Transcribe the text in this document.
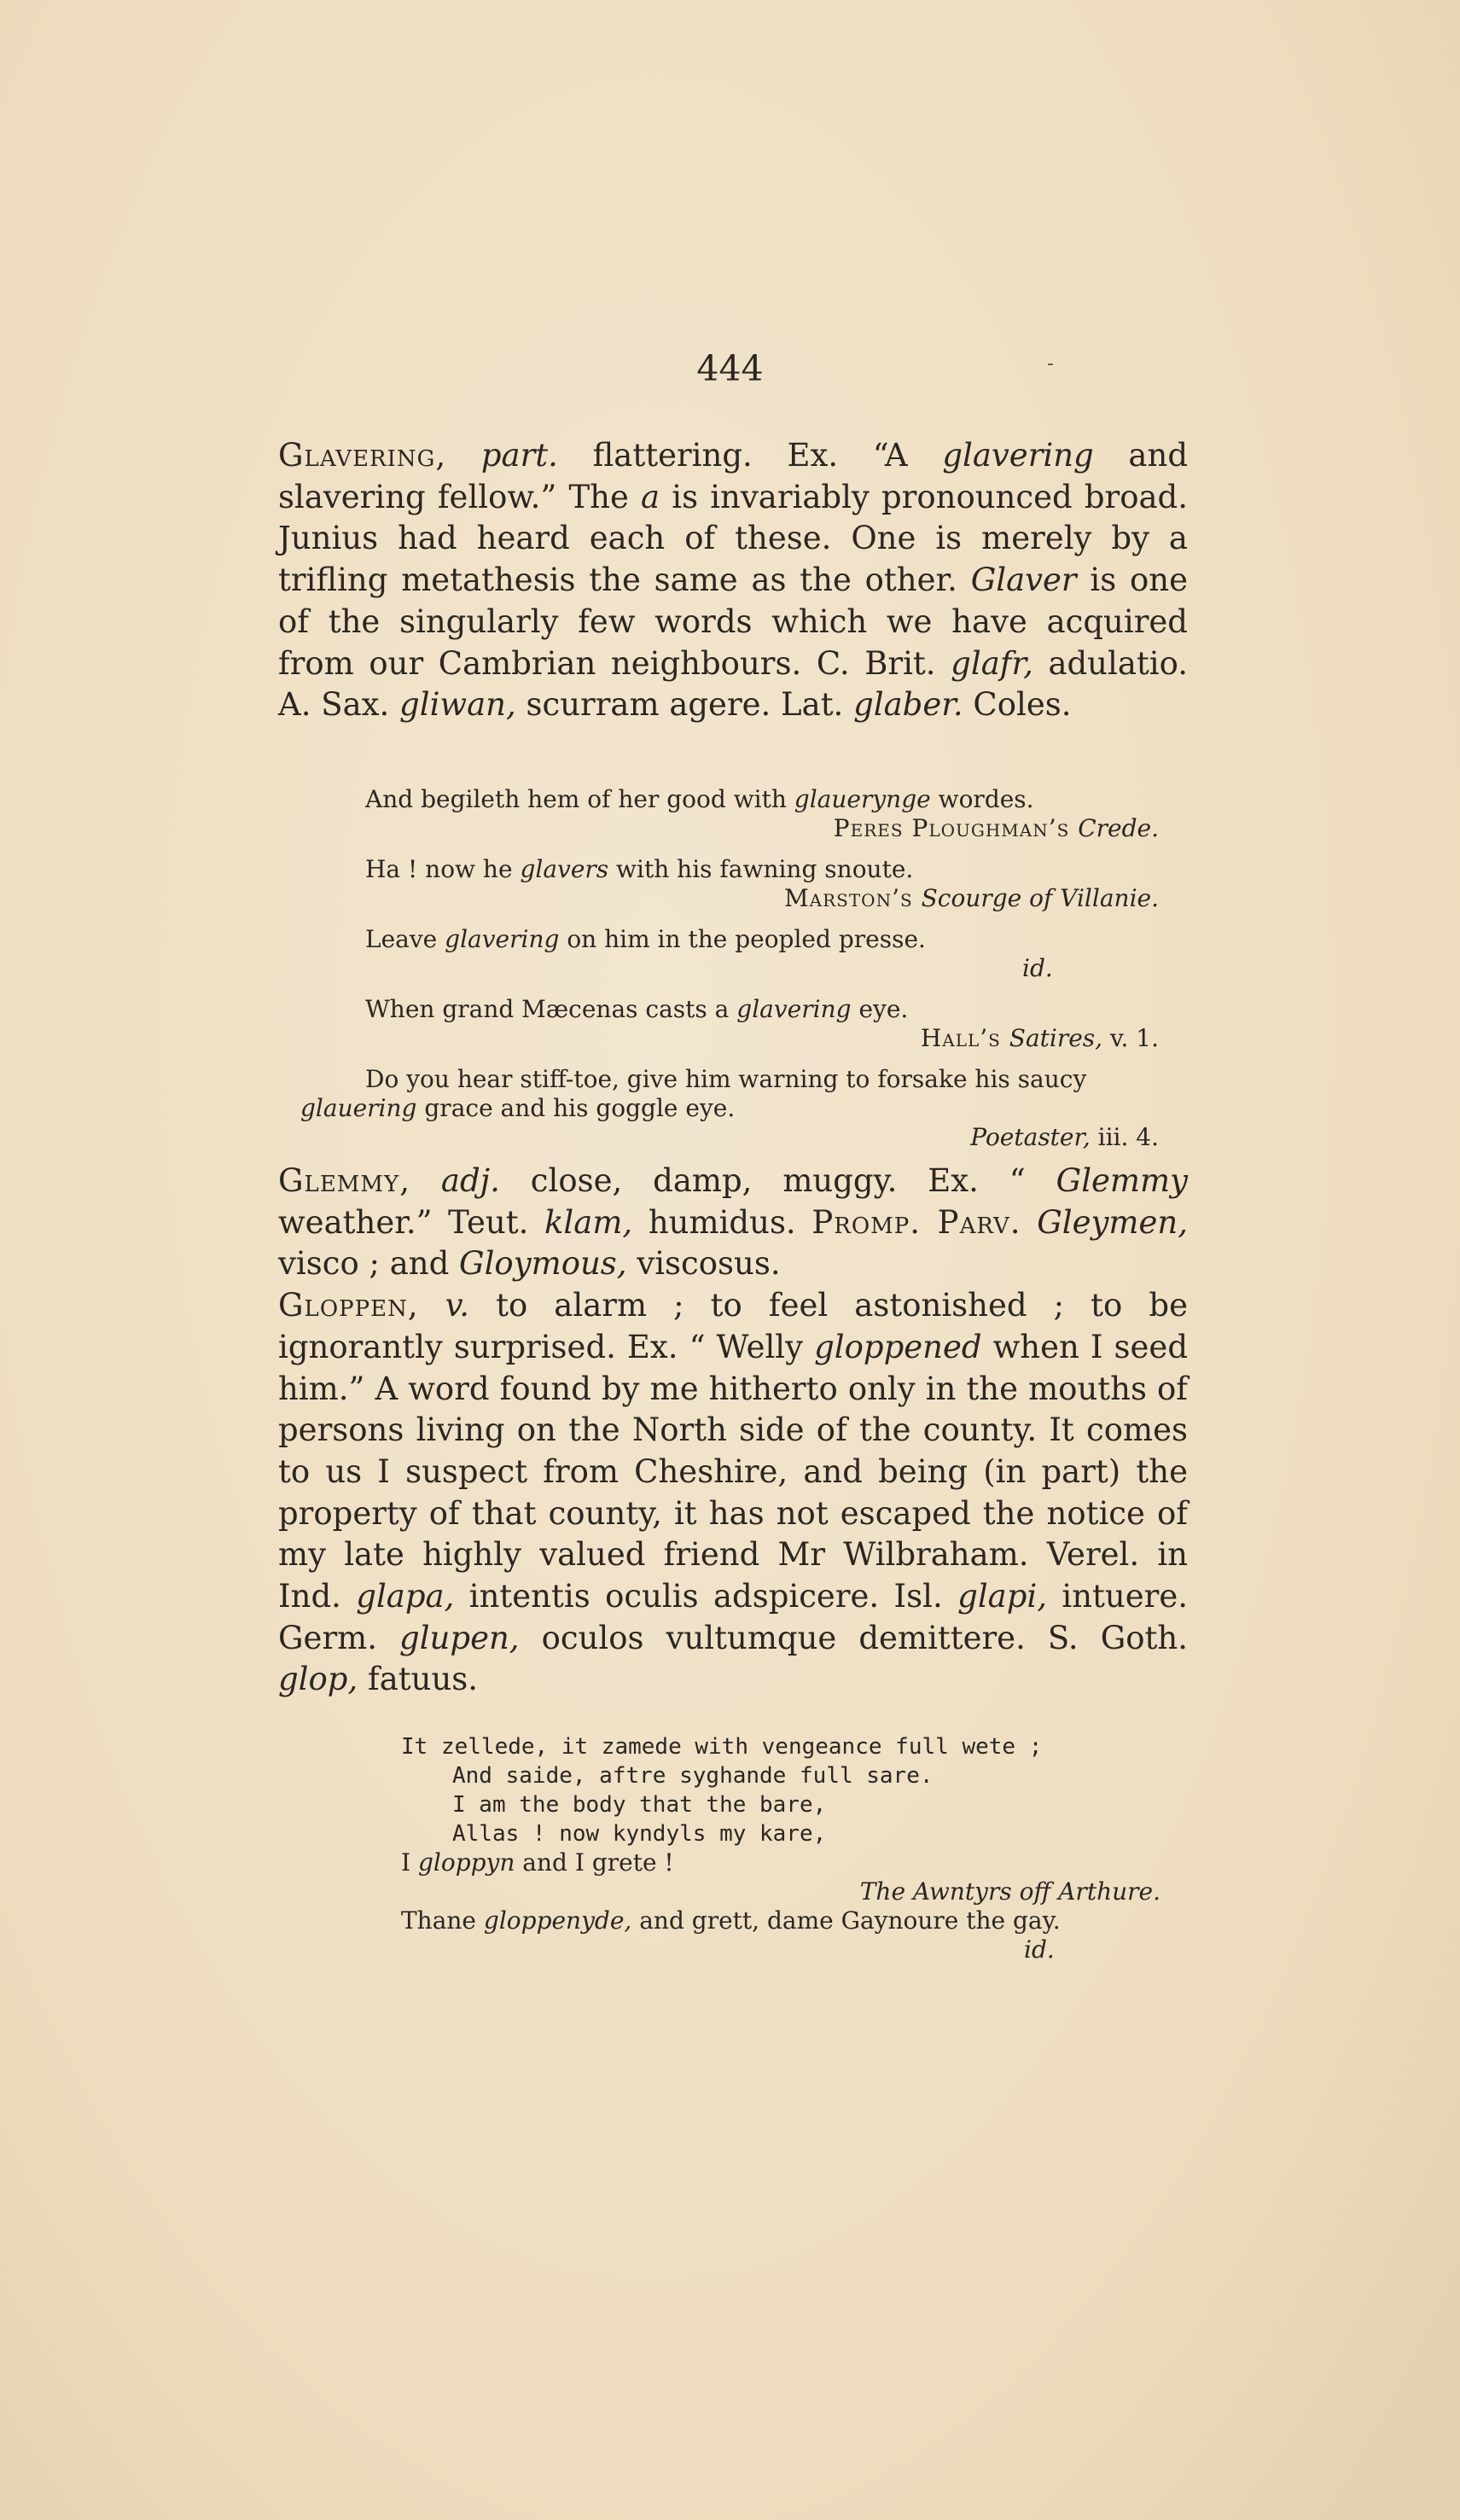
444

Glavering, part. flattering. Ex. “A glavering and slavering fellow.” The a is invariably pronounced broad. Junius had heard each of these. One is merely by a trifling metathesis the same as the other. Glaver is one of the singularly few words which we have acquired from our Cambrian neighbours. C. Brit. glafr, adulatio. A. Sax. gliwan, scurram agere. Lat. glaber. Coles.

And begileth hem of her good with glauerynge wordes.
Peres Ploughman’s Crede.
Ha ! now he glavers with his fawning snoute.
Marston’s Scourge of Villanie.
Leave glavering on him in the peopled presse.
id.
When grand Mæcenas casts a glavering eye.
Hall’s Satires, v. 1.
Do you hear stiff-toe, give him warning to forsake his saucy
glauering grace and his goggle eye.
Poetaster, iii. 4.

Glemmy, adj. close, damp, muggy. Ex. “ Glemmy weather.” Teut. klam, humidus. Promp. Parv. Gleymen, visco ; and Gloymous, viscosus.

Gloppen, v. to alarm ; to feel astonished ; to be ignorantly surprised. Ex. “ Welly gloppened when I seed him.” A word found by me hitherto only in the mouths of persons living on the North side of the county. It comes to us I suspect from Cheshire, and being (in part) the property of that county, it has not escaped the notice of my late highly valued friend Mr Wilbraham. Verel. in Ind. glapa, intentis oculis adspicere. Isl. glapi, intuere. Germ. glupen, oculos vultumque demittere. S. Goth. glop, fatuus.

It zellede, it zamede with vengeance full wete ;
And saide, aftre syghande full sare.
I am the body that the bare,
Allas ! now kyndyls my kare,
I gloppyn and I grete !
The Awntyrs off Arthure.
Thane gloppenyde, and grett, dame Gaynoure the gay.
id.
